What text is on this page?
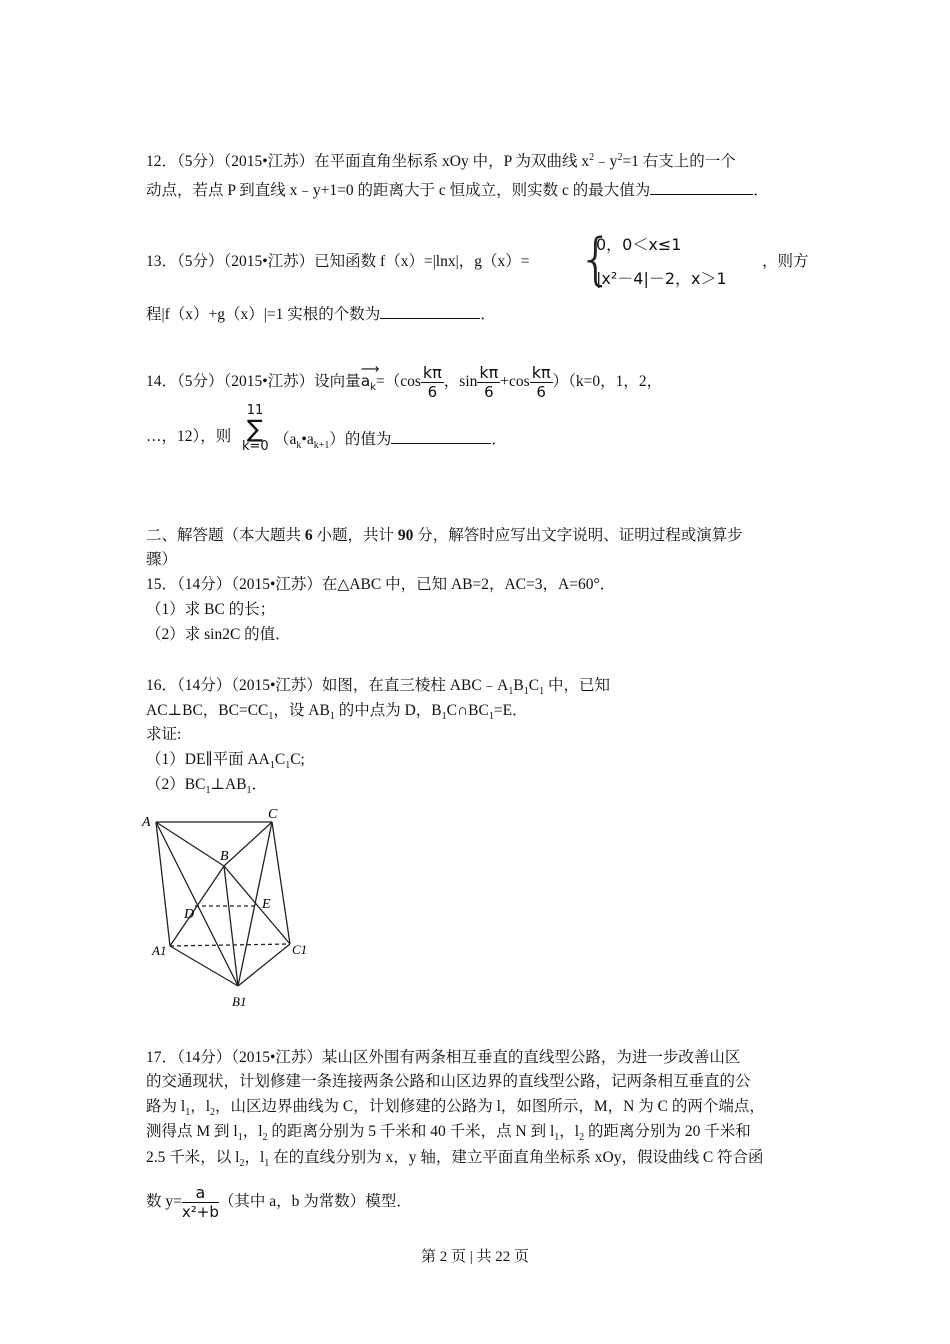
12．（5分）（2015•江苏）在平面直角坐标系 xOy 中，P 为双曲线 $x^2﹣y^2=1$ 右支上的一个
动点，若点 P 到直线 x﹣y+1=0 的距离大于 c 恒成立，则实数 c 的最大值为	．
13．（5分）（2015•江苏）已知函数 f（x）=|lnx|，g（x）= {
0，0＜x≤1
|x²－4|－2，x＞1
，则方
程|f（x）+g（x）|=1 实根的个数为	．
14．（5分）（2015•江苏）设向量
⟶
$a_k=(\cos \frac{k\pi}{6}$ ，$\sin \frac{k\pi}{6} +\cos \frac{k\pi}{6} )(k=0$，1，2，
…，12），则
11
∑
k=0 $(a_k•a_{k+1})$的值为	．
二、解答题（本大题共 6 小题，共计 90 分，解答时应写出文字说明、证明过程或演算步
骤）
15．（14分）（2015•江苏）在△ABC 中，已知 AB=2，AC=3，A=60°．
（1）求 BC 的长；
（2）求 sin2C 的值．
16．（14分）（2015•江苏）如图，在直三棱柱 $ABC﹣A_1B_1C_1$ 中，已知
AC⊥BC，$BC=CC_1$，设 $AB_1$ 的中点为 D，$B_1C\cap BC_1=E$．
求证:
（1）DE∥平面 $AA_1C_1C$;
$(2)BC_1\perp AB_1$．
A
C
B
D
E
A1	C1
B1
17．（14分）（2015•江苏）某山区外围有两条相互垂直的直线型公路，为进一步改善山区
的交通现状，计划修建一条连接两条公路和山区边界的直线型公路，记两条相互垂直的公
路为 $l_1$，$l_2$，山区边界曲线为 C，计划修建的公路为 l，如图所示，M，N 为 C 的两个端点，
测得点 M 到 $l_1$，$l_2$ 的距离分别为 5 千米和 40 千米，点 N 到 $l_1$，$l_2$ 的距离分别为 20 千米和
2.5 千米，以 $l_2$，$l_1$ 在的直线分别为 x，y 轴，建立平面直角坐标系 xOy，假设曲线 C 符合函
数 $y= \frac{a}{\text{x²+b}}$ （其中 a，b 为常数）模型．
第 2 页 | 共 22 页
